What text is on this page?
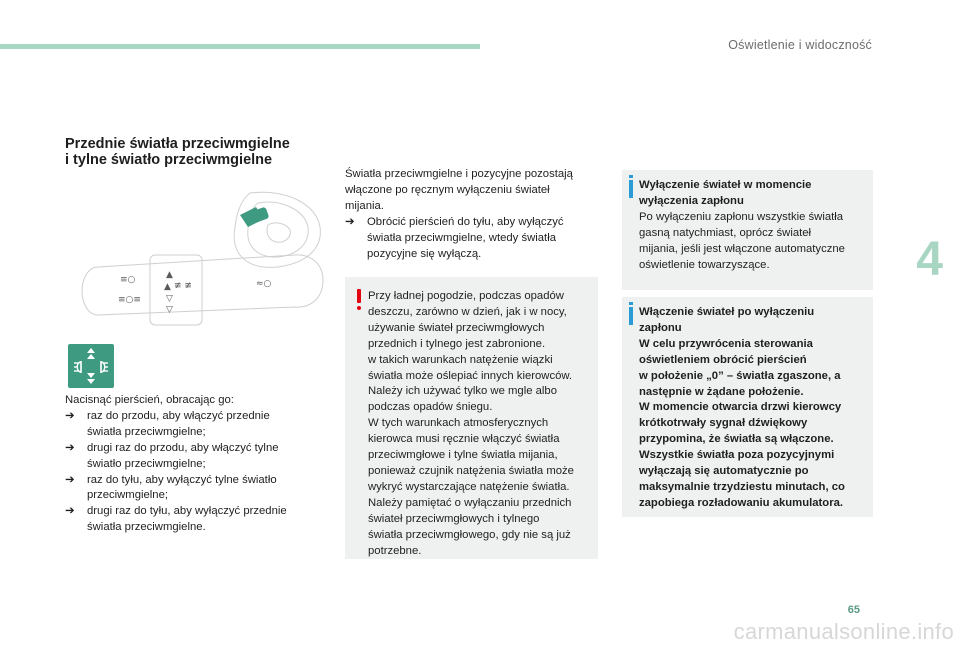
Oświetlenie i widoczność
4
Przednie światła przeciwmgielne
i tylne światło przeciwmgielne
▲
▲
▽
▽
≢ ≢
≡○
≡○≡
≈○
Nacisnąć pierścień, obracając go:
➔ raz do przodu, aby włączyć przednie
światła przeciwmgielne;
➔ drugi raz do przodu, aby włączyć tylne
światło przeciwmgielne;
➔ raz do tyłu, aby wyłączyć tylne światło
przeciwmgielne;
➔ drugi raz do tyłu, aby wyłączyć przednie
światła przeciwmgielne.
Światła przeciwmgielne i pozycyjne pozostają
włączone po ręcznym wyłączeniu świateł
mijania.
➔ Obrócić pierścień do tyłu, aby wyłączyć
światła przeciwmgielne, wtedy światła
pozycyjne się wyłączą.
Przy ładnej pogodzie, podczas opadów
deszczu, zarówno w dzień, jak i w nocy,
używanie świateł przeciwmgłowych
przednich i tylnego jest zabronione.
w takich warunkach natężenie wiązki
światła może oślepiać innych kierowców.
Należy ich używać tylko we mgle albo
podczas opadów śniegu.
W tych warunkach atmosferycznych
kierowca musi ręcznie włączyć światła
przeciwmgłowe i tylne światła mijania,
ponieważ czujnik natężenia światła może
wykryć wystarczające natężenie światła.
Należy pamiętać o wyłączaniu przednich
świateł przeciwmgłowych i tylnego
światła przeciwmgłowego, gdy nie są już
potrzebne.
Wyłączenie świateł w momencie
wyłączenia zapłonu
Po wyłączeniu zapłonu wszystkie światła
gasną natychmiast, oprócz świateł
mijania, jeśli jest włączone automatyczne
oświetlenie towarzyszące.
Włączenie świateł po wyłączeniu
zapłonu
W celu przywrócenia sterowania
oświetleniem obrócić pierścień
w położenie „0” – światła zgaszone, a
następnie w żądane położenie.
W momencie otwarcia drzwi kierowcy
krótkotrwały sygnał dźwiękowy
przypomina, że światła są włączone.
Wszystkie światła poza pozycyjnymi
wyłączają się automatycznie po
maksymalnie trzydziestu minutach, co
zapobiega rozładowaniu akumulatora.
65
carmanualsonline.info
